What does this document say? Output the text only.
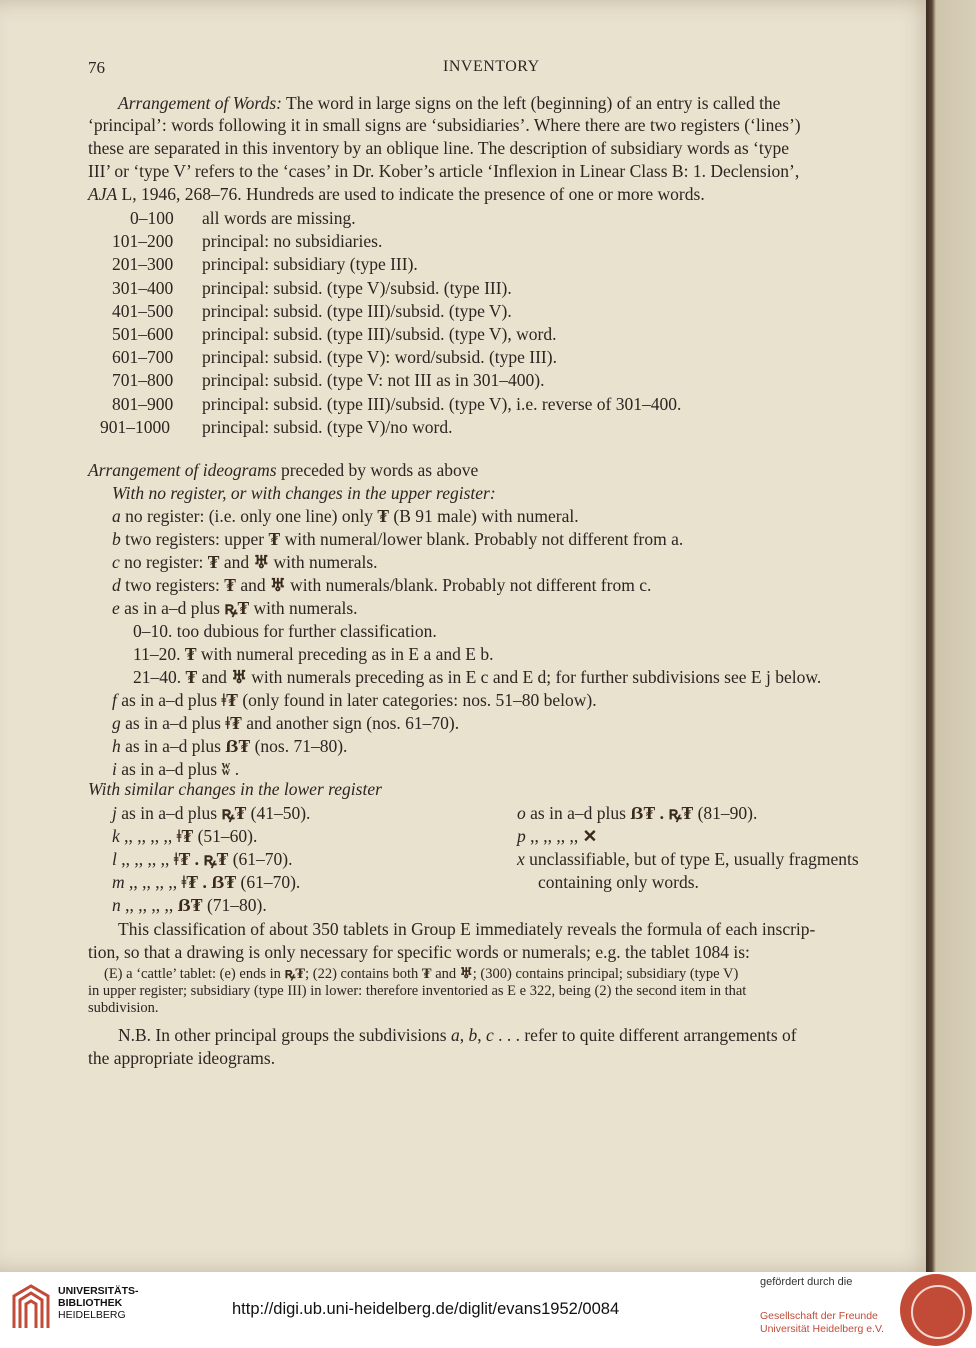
76	INVENTORY
Arrangement of Words: The word in large signs on the left (beginning) of an entry is called the
‘principal’: words following it in small signs are ‘subsidiaries’. Where there are two registers (‘lines’)
these are separated in this inventory by an oblique line. The description of subsidiary words as ‘type
III’ or ‘type V’ refers to the ‘cases’ in Dr. Kober’s article ‘Inflexion in Linear Class B: 1. Declension’,
AJA L, 1946, 268–76. Hundreds are used to indicate the presence of one or more words.
0–100 all words are missing.
101–200 principal: no subsidiaries.
201–300 principal: subsidiary (type III).
301–400 principal: subsid. (type V)/subsid. (type III).
401–500 principal: subsid. (type III)/subsid. (type V).
501–600 principal: subsid. (type III)/subsid. (type V), word.
601–700 principal: subsid. (type V): word/subsid. (type III).
701–800 principal: subsid. (type V: not III as in 301–400).
801–900 principal: subsid. (type III)/subsid. (type V), i.e. reverse of 301–400.
901–1000 principal: subsid. (type V)/no word.
Arrangement of ideograms preceded by words as above
With no register, or with changes in the upper register:
a no register: (i.e. only one line) only ₮ (B 91 male) with numeral.
b two registers: upper ₮ with numeral/lower blank. Probably not different from a.
c no register: ₮ and ♅ with numerals.
d two registers: ₮ and ♅ with numerals/blank. Probably not different from c.
e as in a–d plus ꝶ₮ with numerals.
0–10. too dubious for further classification.
11–20. ₮ with numeral preceding as in E a and E b.
21–40. ₮ and ♅ with numerals preceding as in E c and E d; for further subdivisions see E j below.
f as in a–d plus ǂ₮ (only found in later categories: nos. 51–80 below).
g as in a–d plus ǂ₮ and another sign (nos. 61–70).
h as in a–d plus ẞ₮ (nos. 71–80).
i as in a–d plus ʬ .
With similar changes in the lower register
j as in a–d plus ꝶ₮ (41–50).
k ,, ,, ,, ,, ǂ₮ (51–60).
l ,, ,, ,, ,, ǂ₮ . ꝶ₮ (61–70).
m ,, ,, ,, ,, ǂ₮ . ẞ₮ (61–70).
n ,, ,, ,, ,, ẞ₮ (71–80).
o as in a–d plus ẞ₮ . ꝶ₮ (81–90).
p ,, ,, ,, ,, ✕
x unclassifiable, but of type E, usually fragments
containing only words.
This classification of about 350 tablets in Group E immediately reveals the formula of each inscrip-
tion, so that a drawing is only necessary for specific words or numerals; e.g. the tablet 1084 is:
(E) a ‘cattle’ tablet: (e) ends in ꝶ₮; (22) contains both ₮ and ♅; (300) contains principal; subsidiary (type V)
in upper register; subsidiary (type III) in lower: therefore inventoried as E e 322, being (2) the second item in that
subdivision.
N.B. In other principal groups the subdivisions a, b, c . . . refer to quite different arrangements of
the appropriate ideograms.
UNIVERSITÄTS-
BIBLIOTHEK
HEIDELBERG	http://digi.ub.uni-heidelberg.de/diglit/evans1952/0084
gefördert durch die
Gesellschaft der Freunde
Universität Heidelberg e.V.
